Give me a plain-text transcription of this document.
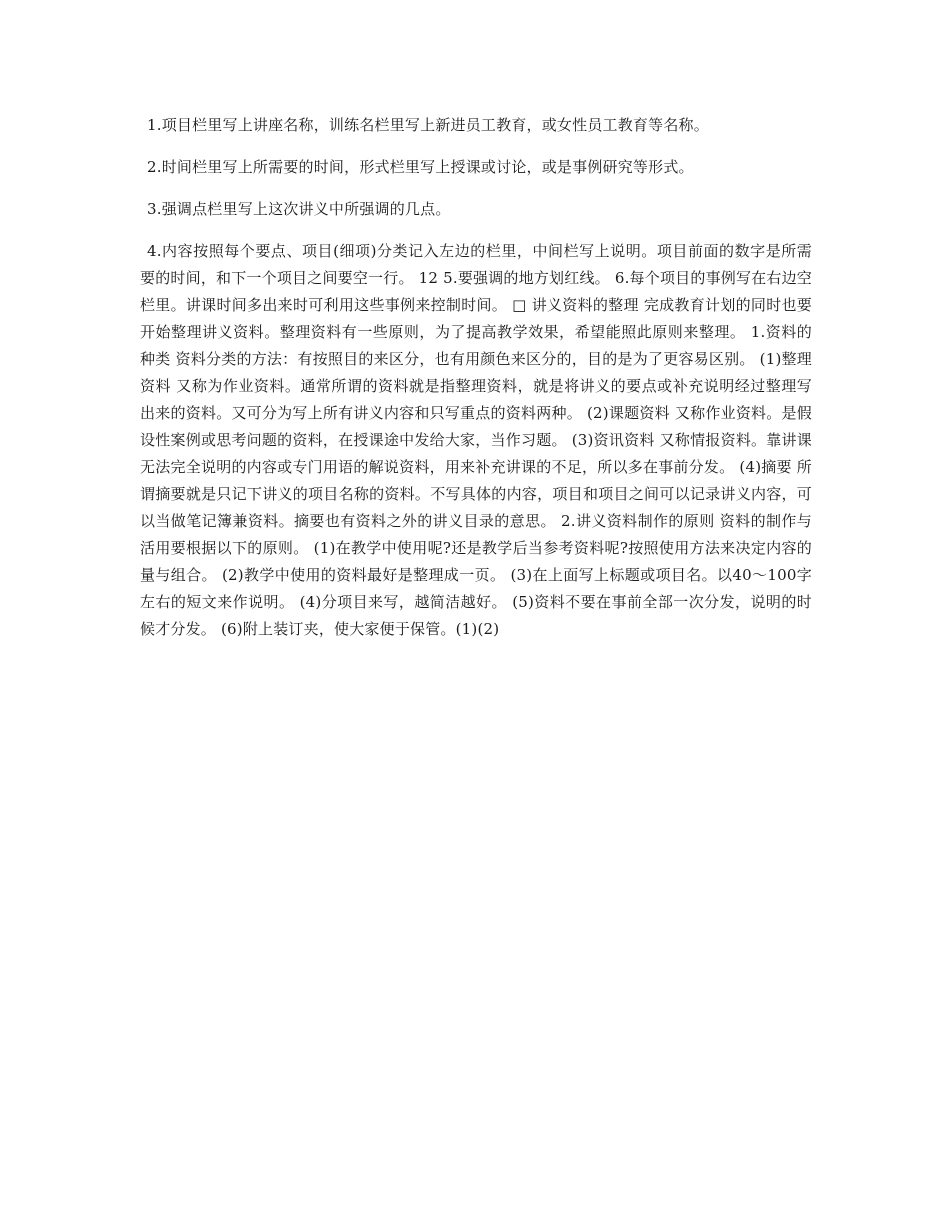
1.项目栏里写上讲座名称，训练名栏里写上新进员工教育，或女性员工教育等名称。

2.时间栏里写上所需要的时间，形式栏里写上授课或讨论，或是事例研究等形式。

3.强调点栏里写上这次讲义中所强调的几点。

4.内容按照每个要点、项目(细项)分类记入左边的栏里，中间栏写上说明。项目前面的数字是所需要的时间，和下一个项目之间要空一行。 12 5.要强调的地方划红线。 6.每个项目的事例写在右边空栏里。讲课时间多出来时可利用这些事例来控制时间。 □ 讲义资料的整理 完成教育计划的同时也要开始整理讲义资料。整理资料有一些原则，为了提高教学效果，希望能照此原则来整理。 1.资料的种类 资料分类的方法：有按照目的来区分，也有用颜色来区分的，目的是为了更容易区别。 (1)整理资料 又称为作业资料。通常所谓的资料就是指整理资料，就是将讲义的要点或补充说明经过整理写出来的资料。又可分为写上所有讲义内容和只写重点的资料两种。 (2)课题资料 又称作业资料。是假设性案例或思考问题的资料，在授课途中发给大家，当作习题。 (3)资讯资料 又称情报资料。靠讲课无法完全说明的内容或专门用语的解说资料，用来补充讲课的不足，所以多在事前分发。 (4)摘要 所谓摘要就是只记下讲义的项目名称的资料。不写具体的内容，项目和项目之间可以记录讲义内容，可以当做笔记簿兼资料。摘要也有资料之外的讲义目录的意思。 2.讲义资料制作的原则 资料的制作与活用要根据以下的原则。 (1)在教学中使用呢?还是教学后当参考资料呢?按照使用方法来决定内容的量与组合。 (2)教学中使用的资料最好是整理成一页。 (3)在上面写上标题或项目名。以40～100字左右的短文来作说明。 (4)分项目来写，越简洁越好。 (5)资料不要在事前全部一次分发，说明的时候才分发。 (6)附上装订夹，使大家便于保管。(1)(2)
